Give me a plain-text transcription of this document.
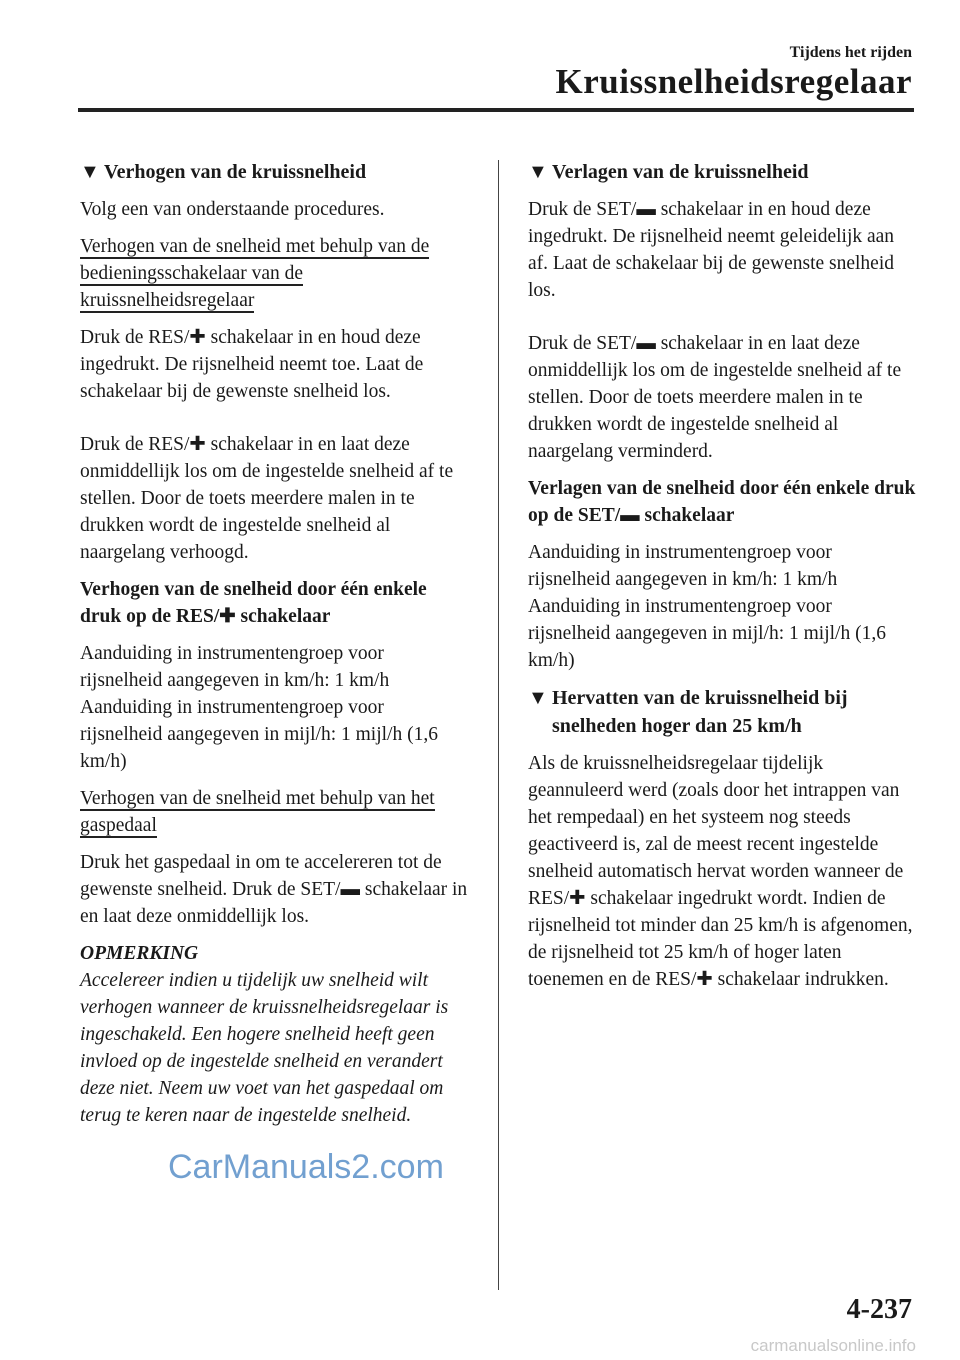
Tijdens het rijden
Kruissnelheidsregelaar
▼ Verhogen van de kruissnelheid

Volg een van onderstaande procedures.

Verhogen van de snelheid met behulp van de bedieningsschakelaar van de kruissnelheidsregelaar

Druk de RES/✚ schakelaar in en houd deze ingedrukt. De rijsnelheid neemt toe. Laat de schakelaar bij de gewenste snelheid los.

Druk de RES/✚ schakelaar in en laat deze onmiddellijk los om de ingestelde snelheid af te stellen. Door de toets meerdere malen in te drukken wordt de ingestelde snelheid al naargelang verhoogd.

Verhogen van de snelheid door één enkele druk op de RES/✚ schakelaar

Aanduiding in instrumentengroep voor rijsnelheid aangegeven in km/h: 1 km/h Aanduiding in instrumentengroep voor rijsnelheid aangegeven in mijl/h: 1 mijl/h (1,6 km/h)

Verhogen van de snelheid met behulp van het gaspedaal

Druk het gaspedaal in om te accelereren tot de gewenste snelheid. Druk de SET/▬ schakelaar in en laat deze onmiddellijk los.

OPMERKING

Accelereer indien u tijdelijk uw snelheid wilt verhogen wanneer de kruissnelheidsregelaar is ingeschakeld. Een hogere snelheid heeft geen invloed op de ingestelde snelheid en verandert deze niet. Neem uw voet van het gaspedaal om terug te keren naar de ingestelde snelheid.

▼ Verlagen van de kruissnelheid

Druk de SET/▬ schakelaar in en houd deze ingedrukt. De rijsnelheid neemt geleidelijk aan af. Laat de schakelaar bij de gewenste snelheid los.

Druk de SET/▬ schakelaar in en laat deze onmiddellijk los om de ingestelde snelheid af te stellen. Door de toets meerdere malen in te drukken wordt de ingestelde snelheid al naargelang verminderd.

Verlagen van de snelheid door één enkele druk op de SET/▬ schakelaar

Aanduiding in instrumentengroep voor rijsnelheid aangegeven in km/h: 1 km/h Aanduiding in instrumentengroep voor rijsnelheid aangegeven in mijl/h: 1 mijl/h (1,6 km/h)

▼ Hervatten van de kruissnelheid bij snelheden hoger dan 25 km/h

Als de kruissnelheidsregelaar tijdelijk geannuleerd werd (zoals door het intrappen van het rempedaal) en het systeem nog steeds geactiveerd is, zal de meest recent ingestelde snelheid automatisch hervat worden wanneer de RES/✚ schakelaar ingedrukt wordt. Indien de rijsnelheid tot minder dan 25 km/h is afgenomen, de rijsnelheid tot 25 km/h of hoger laten toenemen en de RES/✚ schakelaar indrukken.

CarManuals2.com
4-237
carmanualsonline.info
